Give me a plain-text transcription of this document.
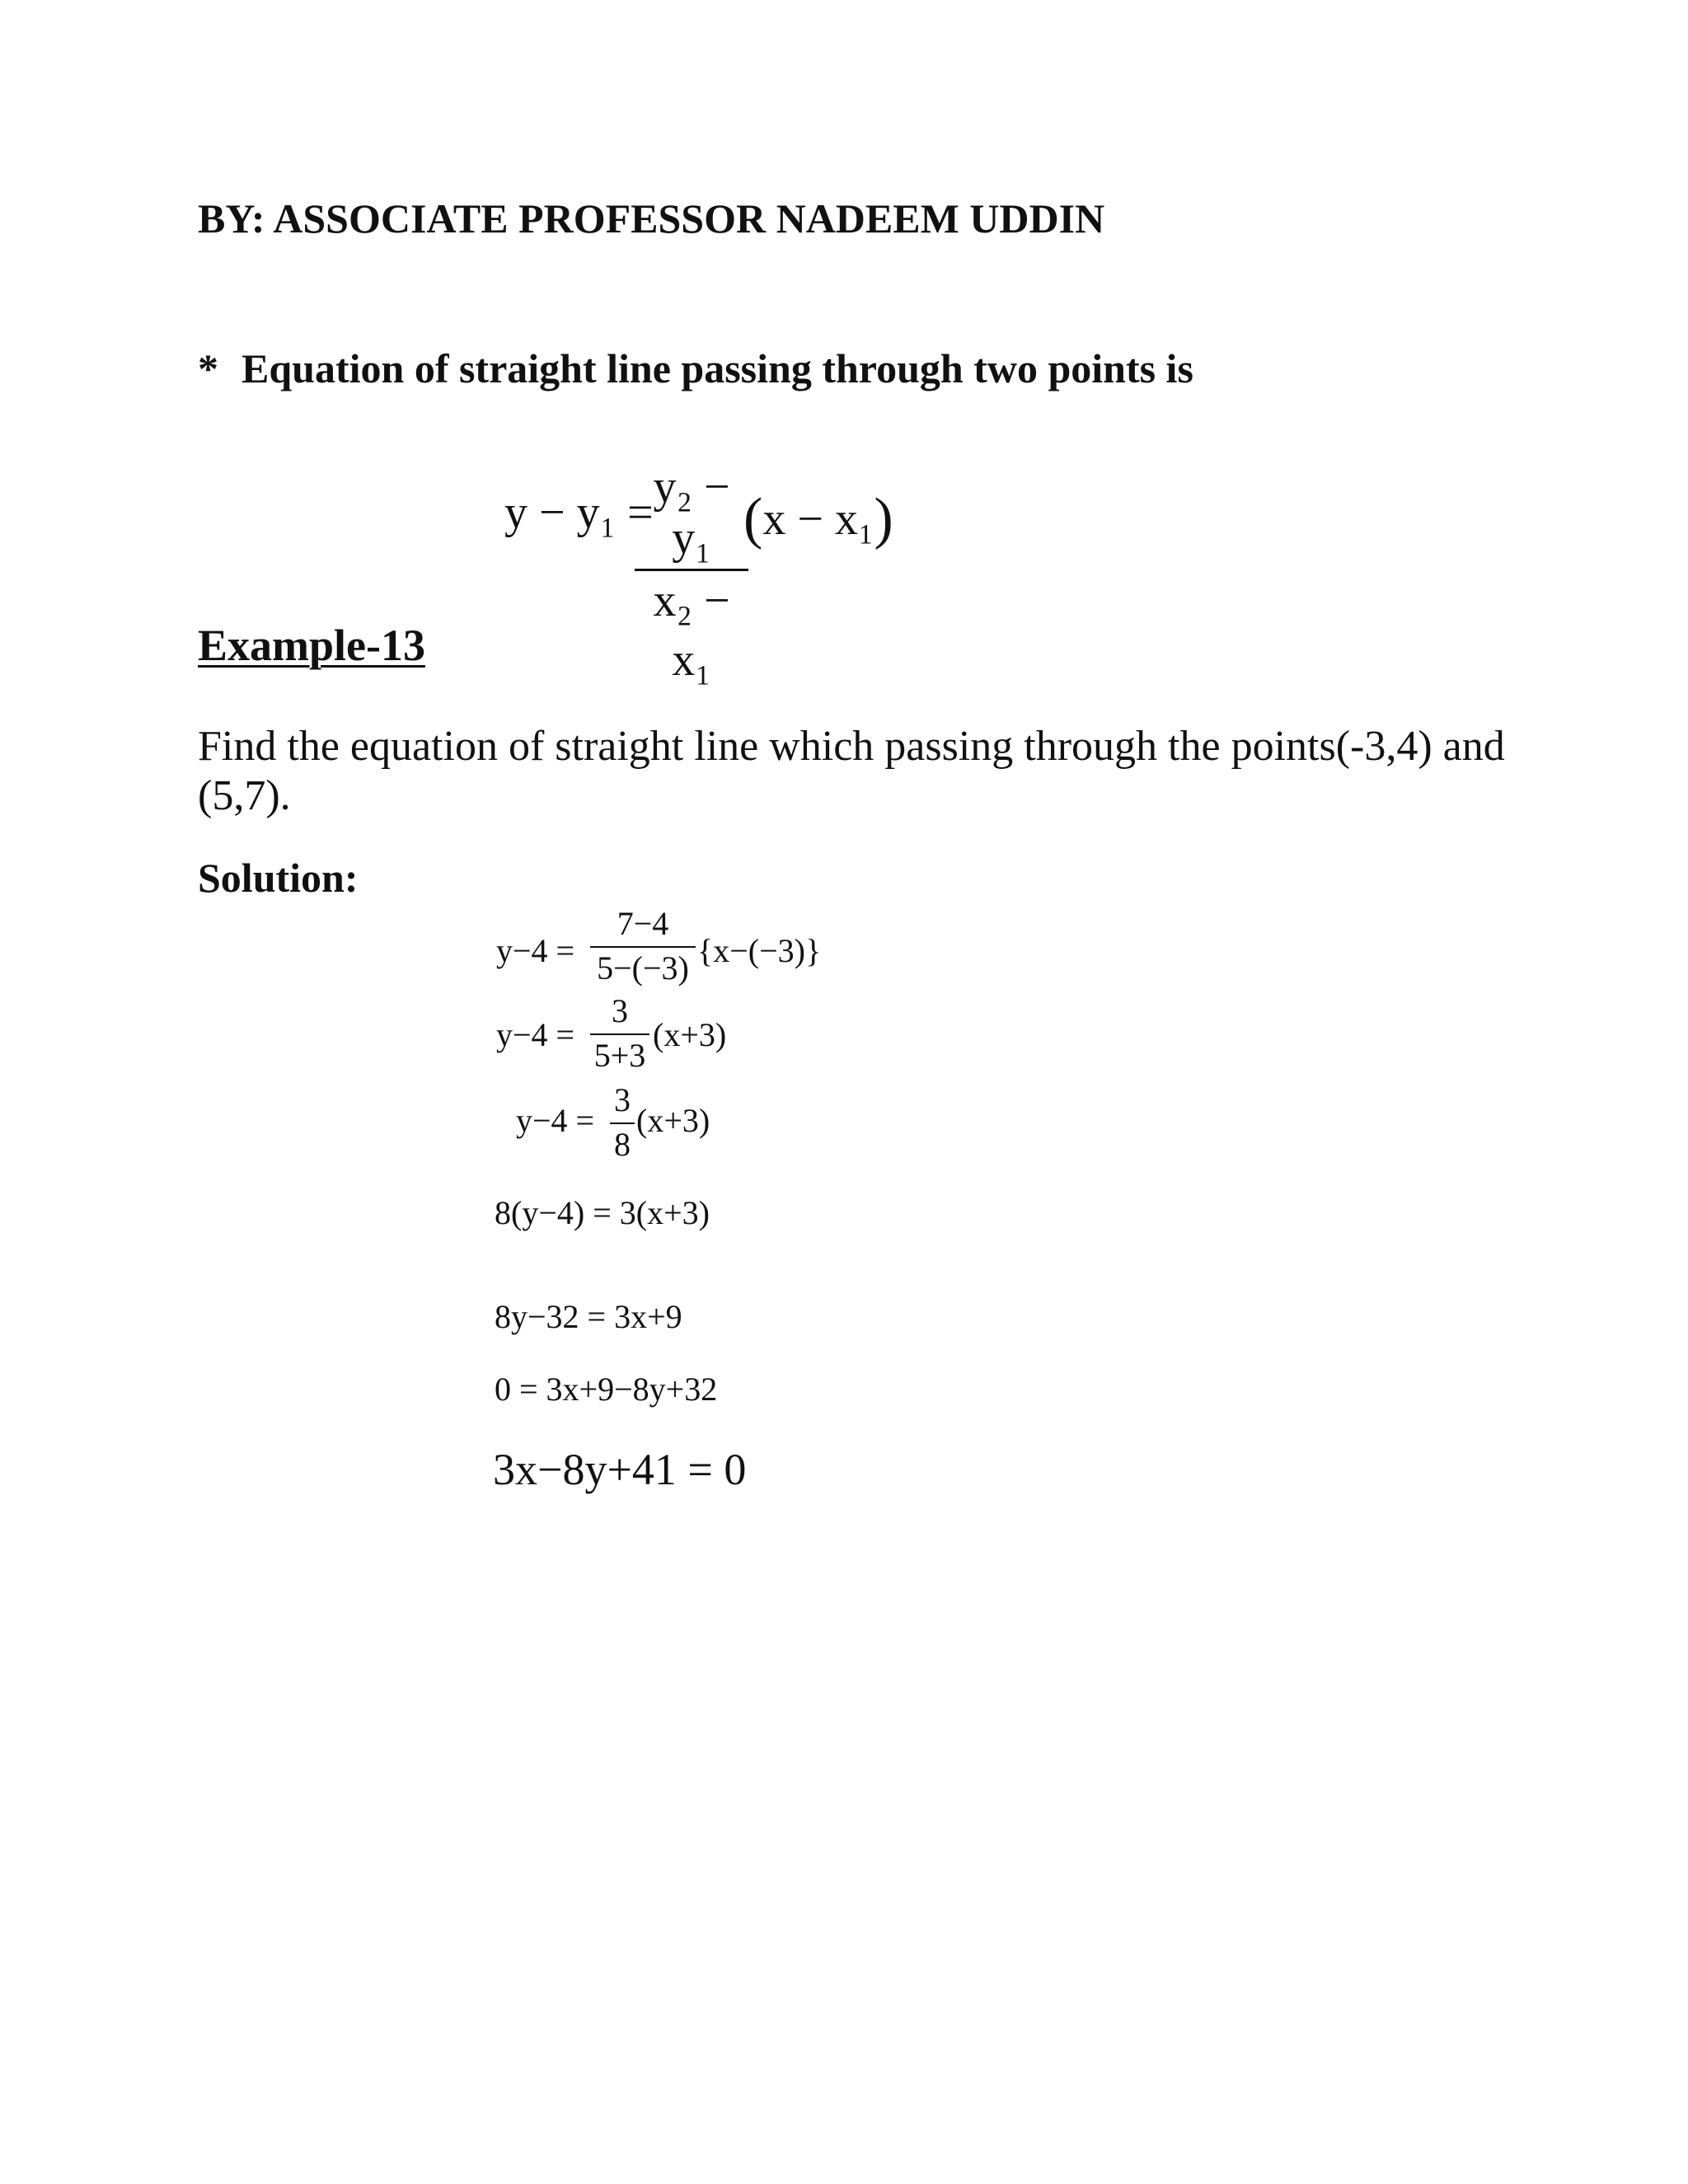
BY: ASSOCIATE PROFESSOR NADEEM UDDIN
* Equation of straight line passing through two points is
y − y₁ = y₂ − y₁
x₂ − x₁
(x − x₁)
Example-13
Find the equation of straight line which passing through the points(-3,4) and (5,7).
Solution:
y−4 =
7−4
5−(−3) {x−(−3)}
y−4 =
3
5+3
(x+3)
y−4 =
3
8
(x+3)
8(y−4) = 3(x+3)
8y−32 = 3x+9
0 = 3x+9−8y+32
3x−8y+41 = 0
